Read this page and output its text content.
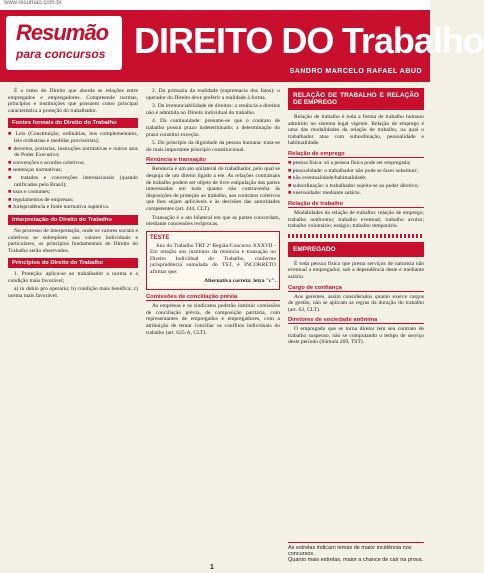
www.resumao.com.br
Resumão
para concursos DIREITO DO Trabalho
SANDRO MARCELO RAFAEL ABUD

É o ramo do Direito que aborda as relações entre empregados e empregadores. Compreende normas, princípios e instituições que possuem como principal característica a proteção do trabalhador.

Fontes formais do Direito do Trabalho
■ Leis (Constituição, ordinárias, leis complementares, leis ordinárias e medidas provisórias);
■ decretos, portarias, instruções normativas e outros atos do Poder Executivo;
■ convenções e acordos coletivos;
■ sentenças normativas;
■ tratados e convenções internacionais (quando ratificados pelo Brasil);
■ usos e costumes;
■ regulamentos de empresas;
■ Jurisprudência e fonte normativa supletiva.
Interpretação do Direito do Trabalho

No processo de interpretação, onde os valores sociais e coletivos se sobrepõem aos valores individuais e particulares, os princípios fundamentais do Direito do Trabalho serão observados.

Princípios do Direito do Trabalho

1. Proteção: aplica-se ao trabalhador a norma e a condição mais favorável;

a) in dubio pro operario; b) condição mais benéfica; c) norma mais favorável.

2. Da primazia da realidade (supremacia dos fatos): o operador do Direito deve preferir a realidade à forma.

3. Da irrenunciabilidade de direitos: a renúncia a direitos não é admitida no Direito individual do trabalho.

4. Da continuidade: presume-se que o contrato de trabalho possui prazo indeterminado; a determinação do prazo constitui exceção.

5. Do princípio da dignidade da pessoa humana: trata-se do mais importante princípio constitucional.

Renúncia e transação

Renúncia é um ato unilateral do trabalhador, pelo qual se despoja de um direito ligado a ele. As relações contratuais de trabalho podem ser objeto de livre estipulação das partes interessadas em tudo quanto não contravenha às disposições de proteção ao trabalho, aos contratos coletivos que lhes sejam aplicáveis e às decisões das autoridades competentes (art. 444, CLT).

Transação é o ato bilateral em que as partes concordam, mediante concessões recíprocas.

TESTE

Juiz do Trabalho TRT 2ª Região/Concurso XXXVII - Em relação aos institutos da renúncia e transação no Direito Individual do Trabalho, conforme jurisprudência sumulada do TST, é INCORRETO afirmar que:

Alternativa correta: letra "c".

Comissões de conciliação prévia

As empresas e os sindicatos poderão instituir comissões de conciliação prévia, de composição paritária, com representantes de empregados e empregadores, com a atribuição de tentar conciliar os conflitos individuais do trabalho (art. 625-A, CLT).

RELAÇÃO DE TRABALHO E RELAÇÃO DE EMPREGO

Relação de trabalho é toda a forma de trabalho humano admitido no sistema legal vigente. Relação de emprego é uma das modalidades da relação de trabalho, na qual o trabalhador atua com subordinação, pessoalidade e habitualidade.

Relação de emprego
■ pessoa física: só a pessoa física pode ser empregada;
■ pessoalidade: o trabalhador não pode se fazer substituir;
■ não eventualidade/habitualidade;
■ subordinação: o trabalhador sujeita-se ao poder diretivo;
■ onerosidade: mediante salário.
Relação de trabalho

Modalidades da relação de trabalho: relação de emprego; trabalho autônomo; trabalho eventual; trabalho avulso; trabalho voluntário; estágio; trabalho temporário.

EMPREGADO

É toda pessoa física que presta serviços de natureza não eventual a empregador, sob a dependência deste e mediante salário.

Cargo de confiança

Aos gerentes, assim considerados quanto exerce cargos de gestão, não se aplicam as regras da duração do trabalho (art. 62, CLT).

Diretores de sociedade anônima

O empregado que se torna diretor tem seu contrato de trabalho suspenso, não se computando o tempo de serviço deste período (Súmula 269, TST).

As estrelas indicam temas de maior incidência nos concursos.
Quanto mais estrelas, maior a chance de cair na prova.
1
